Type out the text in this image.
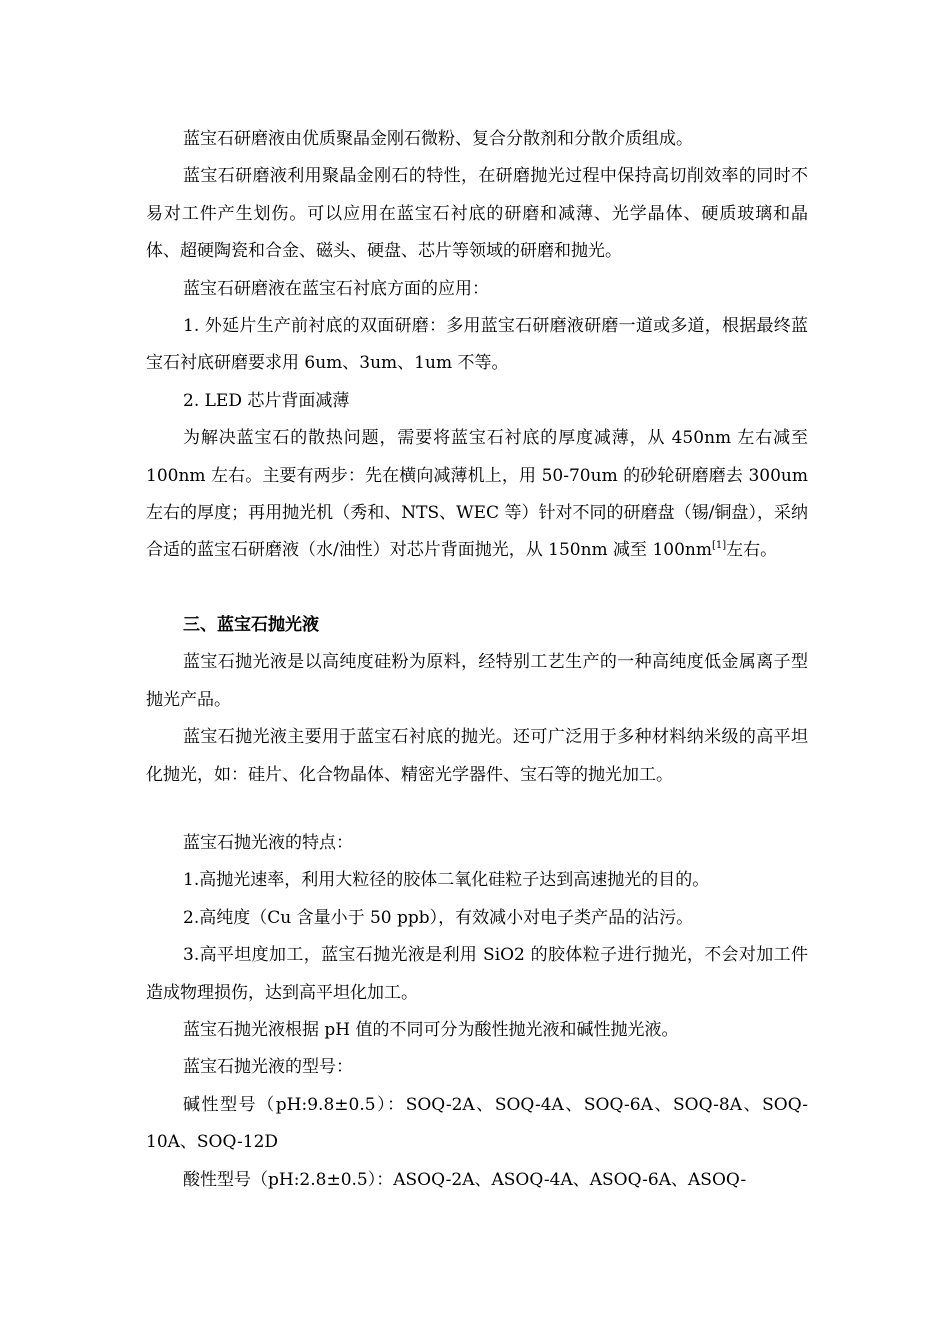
蓝宝石研磨液由优质聚晶金刚石微粉、复合分散剂和分散介质组成。

蓝宝石研磨液利用聚晶金刚石的特性，在研磨抛光过程中保持高切削效率的同时不易对工件产生划伤。可以应用在蓝宝石衬底的研磨和减薄、光学晶体、硬质玻璃和晶体、超硬陶瓷和合金、磁头、硬盘、芯片等领域的研磨和抛光。

蓝宝石研磨液在蓝宝石衬底方面的应用：

1. 外延片生产前衬底的双面研磨：多用蓝宝石研磨液研磨一道或多道，根据最终蓝宝石衬底研磨要求用 6um、3um、1um 不等。

2. LED 芯片背面减薄

为解决蓝宝石的散热问题，需要将蓝宝石衬底的厚度减薄，从 450nm 左右减至 100nm 左右。主要有两步：先在横向减薄机上，用 50-70um 的砂轮研磨磨去 300um 左右的厚度；再用抛光机（秀和、NTS、WEC 等）针对不同的研磨盘（锡/铜盘），采纳合适的蓝宝石研磨液（水/油性）对芯片背面抛光，从 150nm 减至 100nm[1]左右。

三、蓝宝石抛光液

蓝宝石抛光液是以高纯度硅粉为原料，经特别工艺生产的一种高纯度低金属离子型抛光产品。

蓝宝石抛光液主要用于蓝宝石衬底的抛光。还可广泛用于多种材料纳米级的高平坦化抛光，如：硅片、化合物晶体、精密光学器件、宝石等的抛光加工。

蓝宝石抛光液的特点：

1.高抛光速率，利用大粒径的胶体二氧化硅粒子达到高速抛光的目的。

2.高纯度（Cu 含量小于 50 ppb），有效减小对电子类产品的沾污。

3.高平坦度加工，蓝宝石抛光液是利用 SiO2 的胶体粒子进行抛光，不会对加工件造成物理损伤，达到高平坦化加工。

蓝宝石抛光液根据 pH 值的不同可分为酸性抛光液和碱性抛光液。

蓝宝石抛光液的型号：

碱性型号（pH:9.8±0.5）：SOQ-2A、SOQ-4A、SOQ-6A、SOQ-8A、SOQ-10A、SOQ-12D

酸性型号（pH:2.8±0.5）：ASOQ-2A、ASOQ-4A、ASOQ-6A、ASOQ-
